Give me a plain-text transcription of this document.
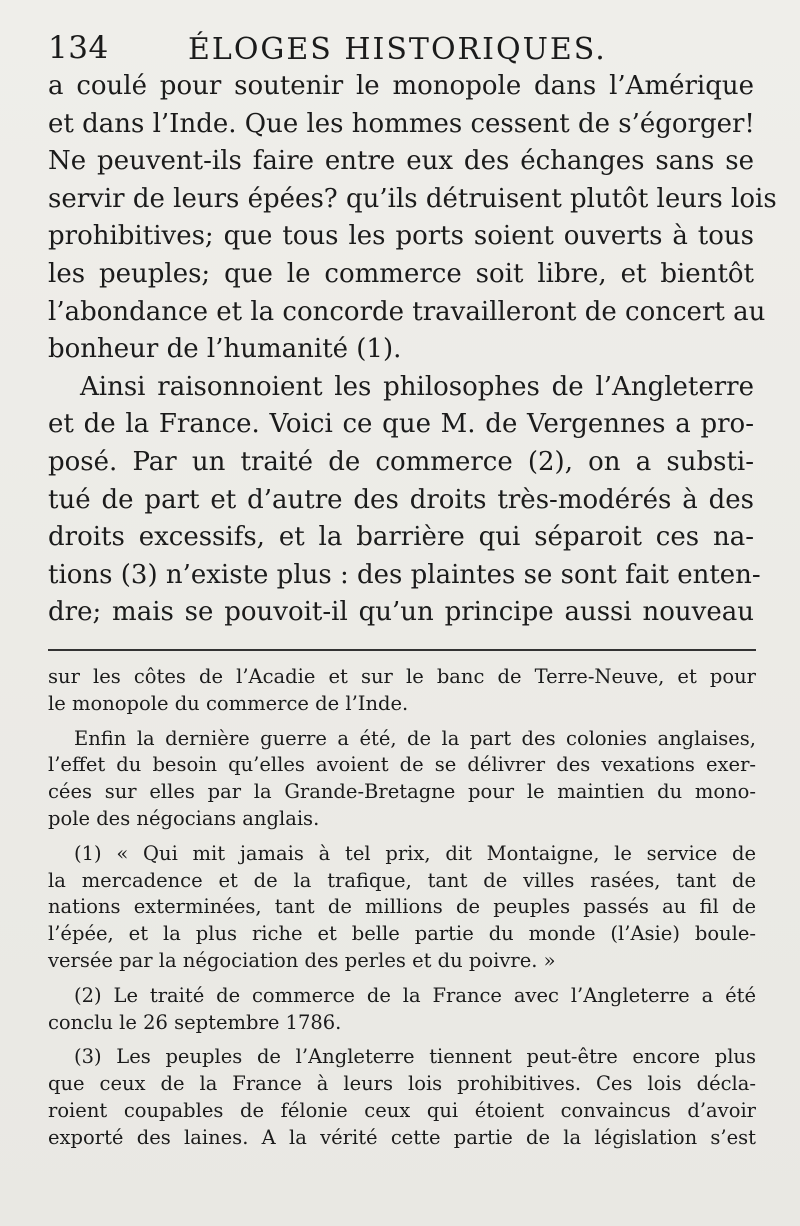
134	ÉLOGES HISTORIQUES.
a coulé pour soutenir le monopole dans l’Amérique
et dans l’Inde. Que les hommes cessent de s’égorger!
Ne peuvent-ils faire entre eux des échanges sans se
servir de leurs épées? qu’ils détruisent plutôt leurs lois
prohibitives; que tous les ports soient ouverts à tous
les peuples; que le commerce soit libre, et bientôt
l’abondance et la concorde travailleront de concert au
bonheur de l’humanité (1).
Ainsi raisonnoient les philosophes de l’Angleterre
et de la France. Voici ce que M. de Vergennes a pro-
posé. Par un traité de commerce (2), on a substi-
tué de part et d’autre des droits très-modérés à des
droits excessifs, et la barrière qui séparoit ces na-
tions (3) n’existe plus : des plaintes se sont fait enten-
dre; mais se pouvoit-il qu’un principe aussi nouveau
sur les côtes de l’Acadie et sur le banc de Terre-Neuve, et pour
le monopole du commerce de l’Inde.
Enfin la dernière guerre a été, de la part des colonies anglaises,
l’effet du besoin qu’elles avoient de se délivrer des vexations exer-
cées sur elles par la Grande-Bretagne pour le maintien du mono-
pole des négocians anglais.
(1) « Qui mit jamais à tel prix, dit Montaigne, le service de
la mercadence et de la trafique, tant de villes rasées, tant de
nations exterminées, tant de millions de peuples passés au fil de
l’épée, et la plus riche et belle partie du monde (l’Asie) boule-
versée par la négociation des perles et du poivre. »
(2) Le traité de commerce de la France avec l’Angleterre a été
conclu le 26 septembre 1786.
(3) Les peuples de l’Angleterre tiennent peut-être encore plus
que ceux de la France à leurs lois prohibitives. Ces lois décla-
roient coupables de félonie ceux qui étoient convaincus d’avoir
exporté des laines. A la vérité cette partie de la législation s’est
